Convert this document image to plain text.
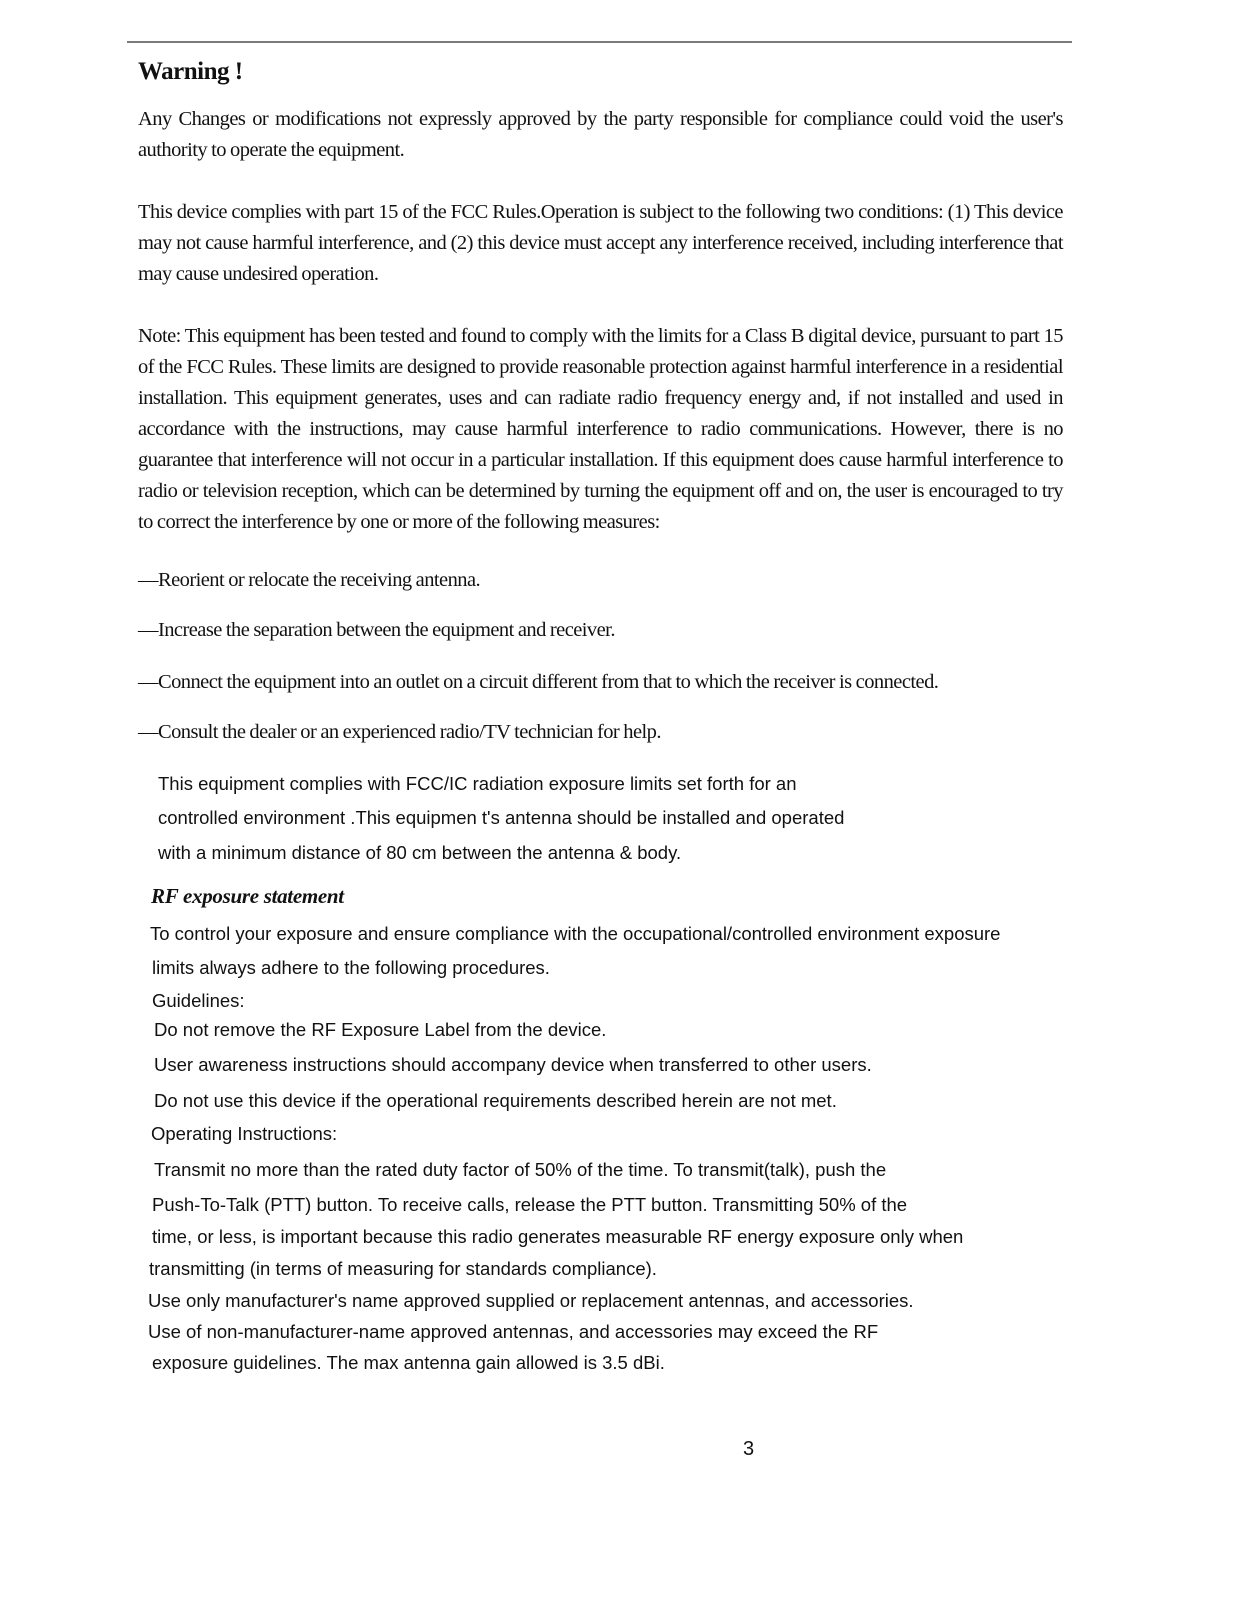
Warning !

Any Changes or modifications not expressly approved by the party responsible for compliance could void the user's authority to operate the equipment.

This device complies with part 15 of the FCC Rules.Operation is subject to the following two conditions: (1) This device may not cause harmful interference, and (2) this device must accept any interference received, including interference that may cause undesired operation.

Note: This equipment has been tested and found to comply with the limits for a Class B digital device, pursuant to part 15 of the FCC Rules. These limits are designed to provide reasonable protection against harmful interference in a residential installation. This equipment generates, uses and can radiate radio frequency energy and, if not installed and used in accordance with the instructions, may cause harmful interference to radio communications. However, there is no guarantee that interference will not occur in a particular installation. If this equipment does cause harmful interference to radio or television reception, which can be determined by turning the equipment off and on, the user is encouraged to try to correct the interference by one or more of the following measures:

—Reorient or relocate the receiving antenna.

—Increase the separation between the equipment and receiver.

—Connect the equipment into an outlet on a circuit different from that to which the receiver is connected.

—Consult the dealer or an experienced radio/TV technician for help.

This equipment complies with FCC/IC radiation exposure limits set forth for an

controlled environment .This equipmen t's antenna should be installed and operated

with a minimum distance of 80 cm between the antenna & body.

RF exposure statement

To control your exposure and ensure compliance with the occupational/controlled environment exposure

limits always adhere to the following procedures.

Guidelines:

Do not remove the RF Exposure Label from the device.

User awareness instructions should accompany device when transferred to other users.

Do not use this device if the operational requirements described herein are not met.

Operating Instructions:

Transmit no more than the rated duty factor of 50% of the time. To transmit(talk), push the

Push-To-Talk (PTT) button. To receive calls, release the PTT button. Transmitting 50% of the

time, or less, is important because this radio generates measurable RF energy exposure only when

transmitting (in terms of measuring for standards compliance).

Use only manufacturer's name approved supplied or replacement antennas, and accessories.

Use of non-manufacturer-name approved antennas, and accessories may exceed the RF

exposure guidelines. The max antenna gain allowed is 3.5 dBi.

3
